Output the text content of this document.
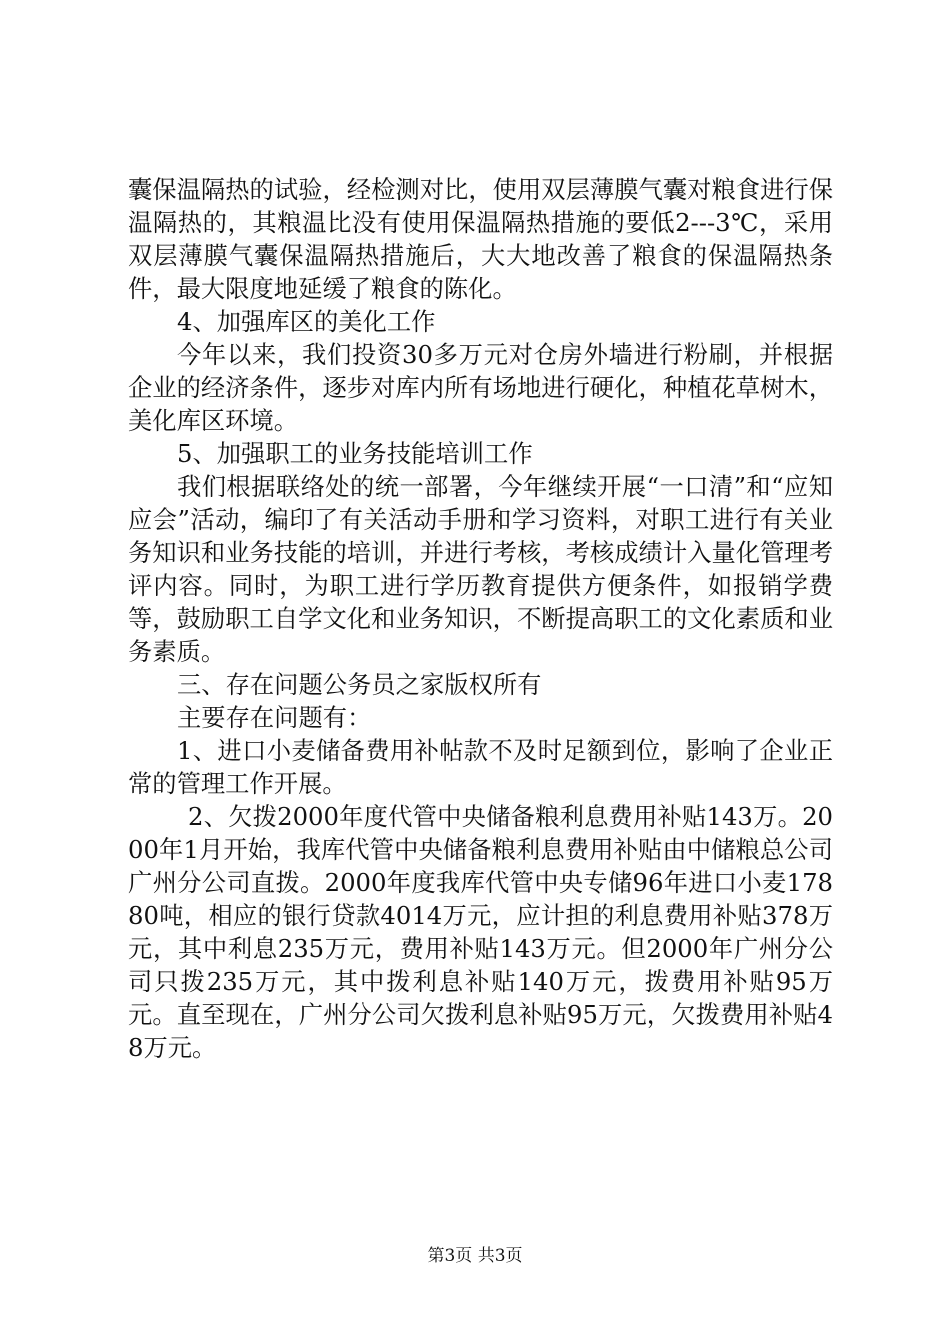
囊保温隔热的试验，经检测对比，使用双层薄膜气囊对粮食进行保温隔热的，其粮温比没有使用保温隔热措施的要低2---3℃，采用双层薄膜气囊保温隔热措施后，大大地改善了粮食的保温隔热条件，最大限度地延缓了粮食的陈化。

4、加强库区的美化工作

今年以来，我们投资30多万元对仓房外墙进行粉刷，并根据企业的经济条件，逐步对库内所有场地进行硬化，种植花草树木，美化库区环境。

5、加强职工的业务技能培训工作

我们根据联络处的统一部署，今年继续开展“一口清”和“应知应会”活动，编印了有关活动手册和学习资料，对职工进行有关业务知识和业务技能的培训，并进行考核，考核成绩计入量化管理考评内容。同时，为职工进行学历教育提供方便条件，如报销学费等，鼓励职工自学文化和业务知识，不断提高职工的文化素质和业务素质。

三、存在问题公务员之家版权所有

主要存在问题有：

1、进口小麦储备费用补帖款不及时足额到位，影响了企业正常的管理工作开展。

2、欠拨2000年度代管中央储备粮利息费用补贴143万。2000年1月开始，我库代管中央储备粮利息费用补贴由中储粮总公司广州分公司直拨。2000年度我库代管中央专储96年进口小麦17880吨，相应的银行贷款4014万元，应计担的利息费用补贴378万元，其中利息235万元，费用补贴143万元。但2000年广州分公司只拨235万元，其中拨利息补贴140万元，拨费用补贴95万元。直至现在，广州分公司欠拨利息补贴95万元，欠拨费用补贴48万元。

第3页 共3页
